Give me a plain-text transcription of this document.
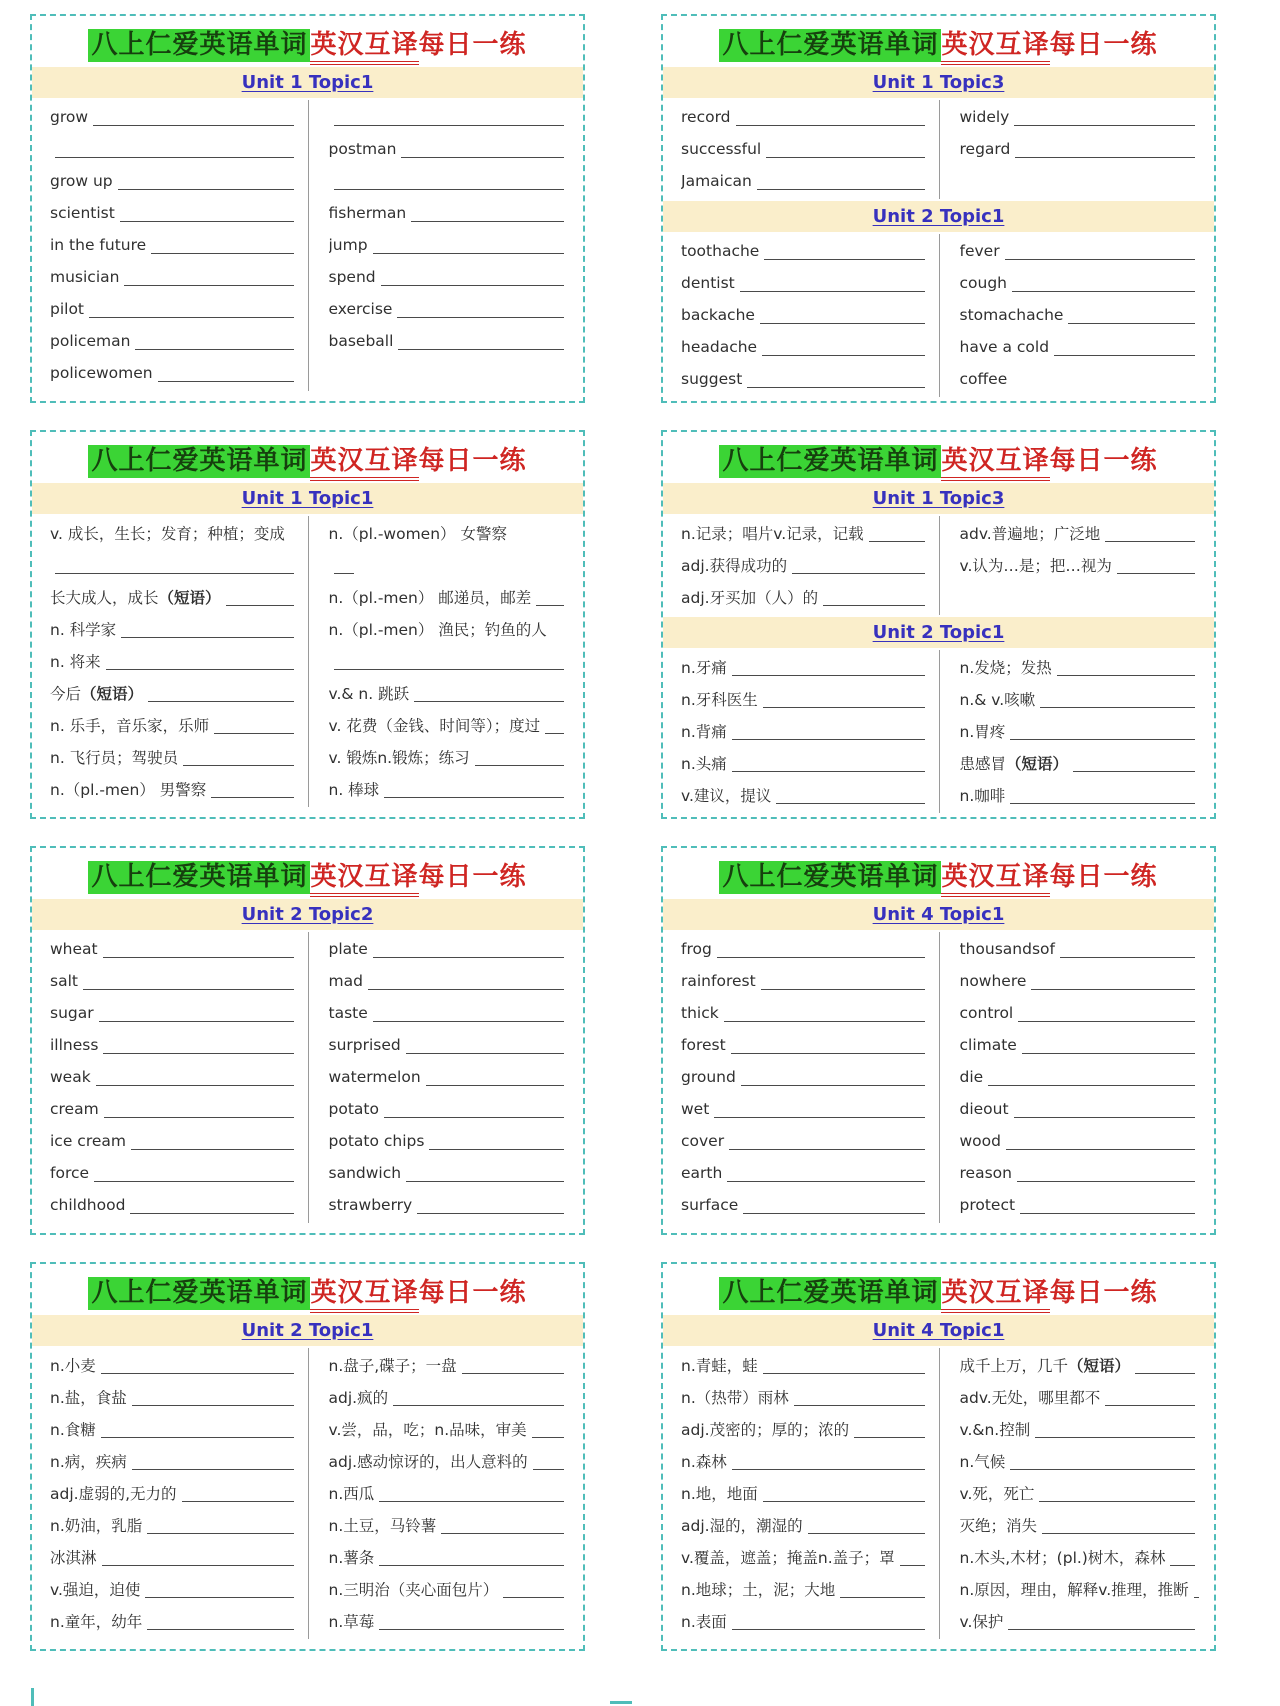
八上仁爱英语单词 英汉互译每日一练
Unit 1 Topic1
grow
grow up
scientist
in the future
musician
pilot
policeman
policewomen
postman
fisherman
jump
spend
exercise
baseball
八上仁爱英语单词 英汉互译每日一练
Unit 1 Topic3
record
successful
Jamaican
widely
regard
Unit 2 Topic1
toothache
dentist
backache
headache
suggest
fever
cough
stomachache
have a cold
coffee
八上仁爱英语单词 英汉互译每日一练
Unit 1 Topic1
v. 成长，生长；发育；种植；变成
长大成人，成长（短语）
n. 科学家
n. 将来
今后（短语）
n. 乐手，音乐家，乐师
n. 飞行员；驾驶员
n.（pl.-men） 男警察
n.（pl.-women） 女警察
n.（pl.-men） 邮递员，邮差
n.（pl.-men） 渔民；钓鱼的人
v.& n. 跳跃
v. 花费（金钱、时间等）；度过
v. 锻炼n.锻炼；练习
n. 棒球
八上仁爱英语单词 英汉互译每日一练
Unit 1 Topic3
n.记录；唱片v.记录，记载
adj.获得成功的
adj.牙买加（人）的
adv.普遍地；广泛地
v.认为…是；把…视为
Unit 2 Topic1
n.牙痛
n.牙科医生
n.背痛
n.头痛
v.建议，提议
n.发烧；发热
n.& v.咳嗽
n.胃疼
患感冒（短语）
n.咖啡
八上仁爱英语单词 英汉互译每日一练
Unit 2 Topic2
wheat
salt
sugar
illness
weak
cream
ice cream
force
childhood
plate
mad
taste
surprised
watermelon
potato
potato chips
sandwich
strawberry
八上仁爱英语单词 英汉互译每日一练
Unit 4 Topic1
frog
rainforest
thick
forest
ground
wet
cover
earth
surface
thousandsof
nowhere
control
climate
die
dieout
wood
reason
protect
八上仁爱英语单词 英汉互译每日一练
Unit 2 Topic1
n.小麦
n.盐，食盐
n.食糖
n.病，疾病
adj.虚弱的,无力的
n.奶油，乳脂
冰淇淋
v.强迫，迫使
n.童年，幼年
n.盘子,碟子；一盘
adj.疯的
v.尝，品，吃；n.品味，审美
adj.感动惊讶的，出人意料的
n.西瓜
n.土豆，马铃薯
n.薯条
n.三明治（夹心面包片）
n.草莓
八上仁爱英语单词 英汉互译每日一练
Unit 4 Topic1
n.青蛙，蛙
n.（热带）雨林
adj.茂密的；厚的；浓的
n.森林
n.地，地面
adj.湿的，潮湿的
v.覆盖，遮盖；掩盖n.盖子；罩
n.地球；土，泥；大地
n.表面
成千上万，几千（短语）
adv.无处，哪里都不
v.&n.控制
n.气候
v.死，死亡
灭绝；消失
n.木头,木材；(pl.)树木，森林
n.原因，理由，解释v.推理，推断
v.保护
